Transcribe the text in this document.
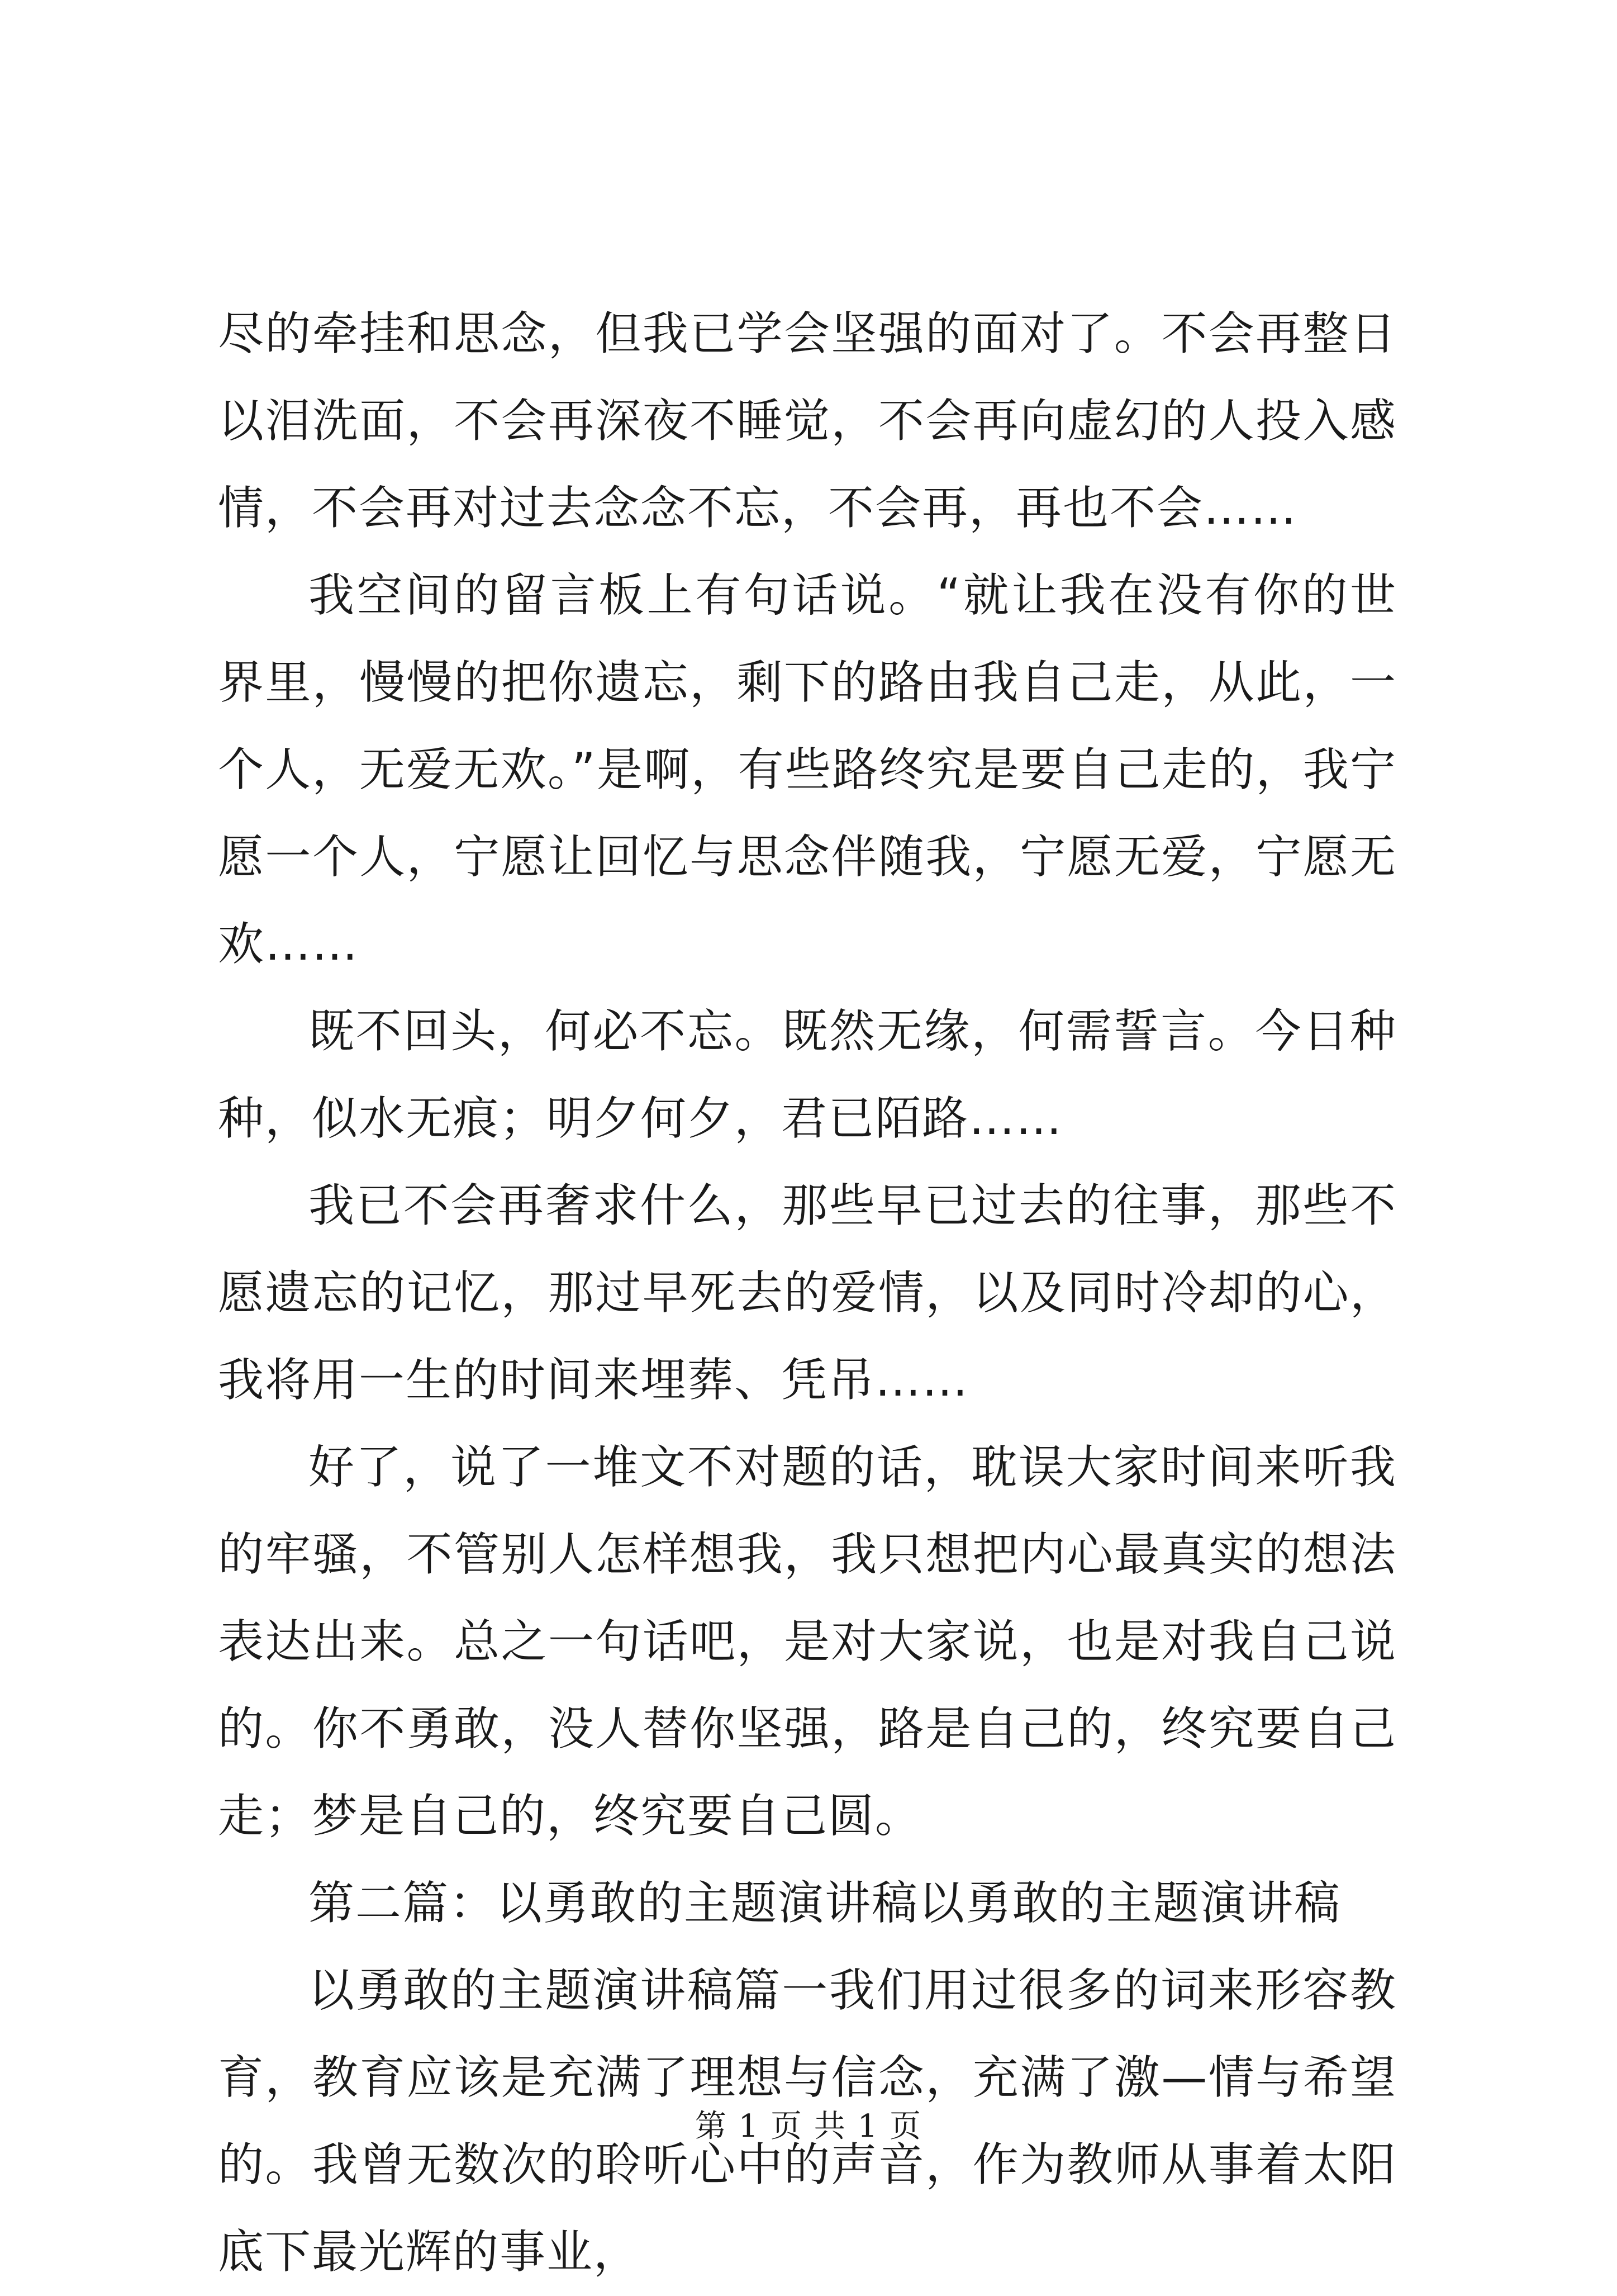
尽的牵挂和思念，但我已学会坚强的面对了。不会再整日以泪洗面，不会再深夜不睡觉，不会再向虚幻的人投入感情，不会再对过去念念不忘，不会再，再也不会……

我空间的留言板上有句话说。“就让我在没有你的世界里，慢慢的把你遗忘，剩下的路由我自己走，从此，一个人，无爱无欢。”是啊，有些路终究是要自己走的，我宁愿一个人，宁愿让回忆与思念伴随我，宁愿无爱，宁愿无欢……

既不回头，何必不忘。既然无缘，何需誓言。今日种种，似水无痕；明夕何夕，君已陌路……

我已不会再奢求什么，那些早已过去的往事，那些不愿遗忘的记忆，那过早死去的爱情，以及同时冷却的心，我将用一生的时间来埋葬、凭吊……

好了，说了一堆文不对题的话，耽误大家时间来听我的牢骚，不管别人怎样想我，我只想把内心最真实的想法表达出来。总之一句话吧，是对大家说，也是对我自己说的。你不勇敢，没人替你坚强，路是自己的，终究要自己走；梦是自己的，终究要自己圆。

第二篇：以勇敢的主题演讲稿以勇敢的主题演讲稿

以勇敢的主题演讲稿篇一我们用过很多的词来形容教育，教育应该是充满了理想与信念，充满了激—情与希望的。我曾无数次的聆听心中的声音，作为教师从事着太阳底下最光辉的事业，

第 1 页 共 1 页
